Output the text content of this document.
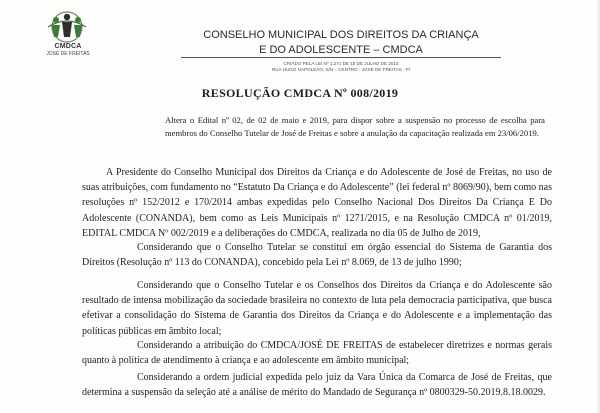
CMDCA
JOSÉ DE FREITAS
CONSELHO MUNICIPAL DOS DIREITOS DA CRIANÇA
E DO ADOLESCENTE – CMDCA
CRIADO PELA LEI Nº 1.271 DE 15 DE JULHO DE 2015
RUA HUGO NAPOLEÃO, S/N – CENTRO - JOSÉ DE FREITAS - PI
RESOLUÇÃO CMDCA Nº 008/2019
Altera o Edital nº 02, de 02 de maio e 2019, para dispor sobre a suspensão no processo de escolha para membros do Conselho Tutelar de José de Freitas e sobre a anulação da capacitação realizada em 23/06/2019.
A Presidente do Conselho Municipal dos Direitos da Criança e do Adolescente de José de Freitas, no uso de suas atribuições, com fundamento no “Estatuto Da Criança e do Adolescente” (lei federal nº 8069/90), bem como nas resoluções nº 152/2012 e 170/2014 ambas expedidas pelo Conselho Nacional Dos Direitos Da Criança E Do Adolescente (CONANDA), bem como as Leis Municipais nº 1271/2015, e na Resolução CMDCA nº 01/2019, EDITAL CMDCA Nº 002/2019 e a deliberações do CMDCA, realizada no dia 05 de Julho de 2019,
Considerando que o Conselho Tutelar se constitui em órgão essencial do Sistema de Garantia dos Direitos (Resolução nº 113 do CONANDA), concebido pela Lei nº 8.069, de 13 de julho 1990;
Considerando que o Conselho Tutelar e os Conselhos dos Direitos da Criança e do Adolescente são resultado de intensa mobilização da sociedade brasileira no contexto de luta pela democracia participativa, que busca efetivar a consolidação do Sistema de Garantia dos Direitos da Criança e do Adolescente e a implementação das políticas públicas em âmbito local;
Considerando a atribuição do CMDCA/JOSÉ DE FREITAS de estabelecer diretrizes e normas gerais quanto à política de atendimento à criança e ao adolescente em âmbito municipal;
Considerando a ordem judicial expedida pelo juiz da Vara Única da Comarca de José de Freitas, que determina a suspensão da seleção até a análise de mérito do Mandado de Segurança nº 0800329-50.2019.8.18.0029.
